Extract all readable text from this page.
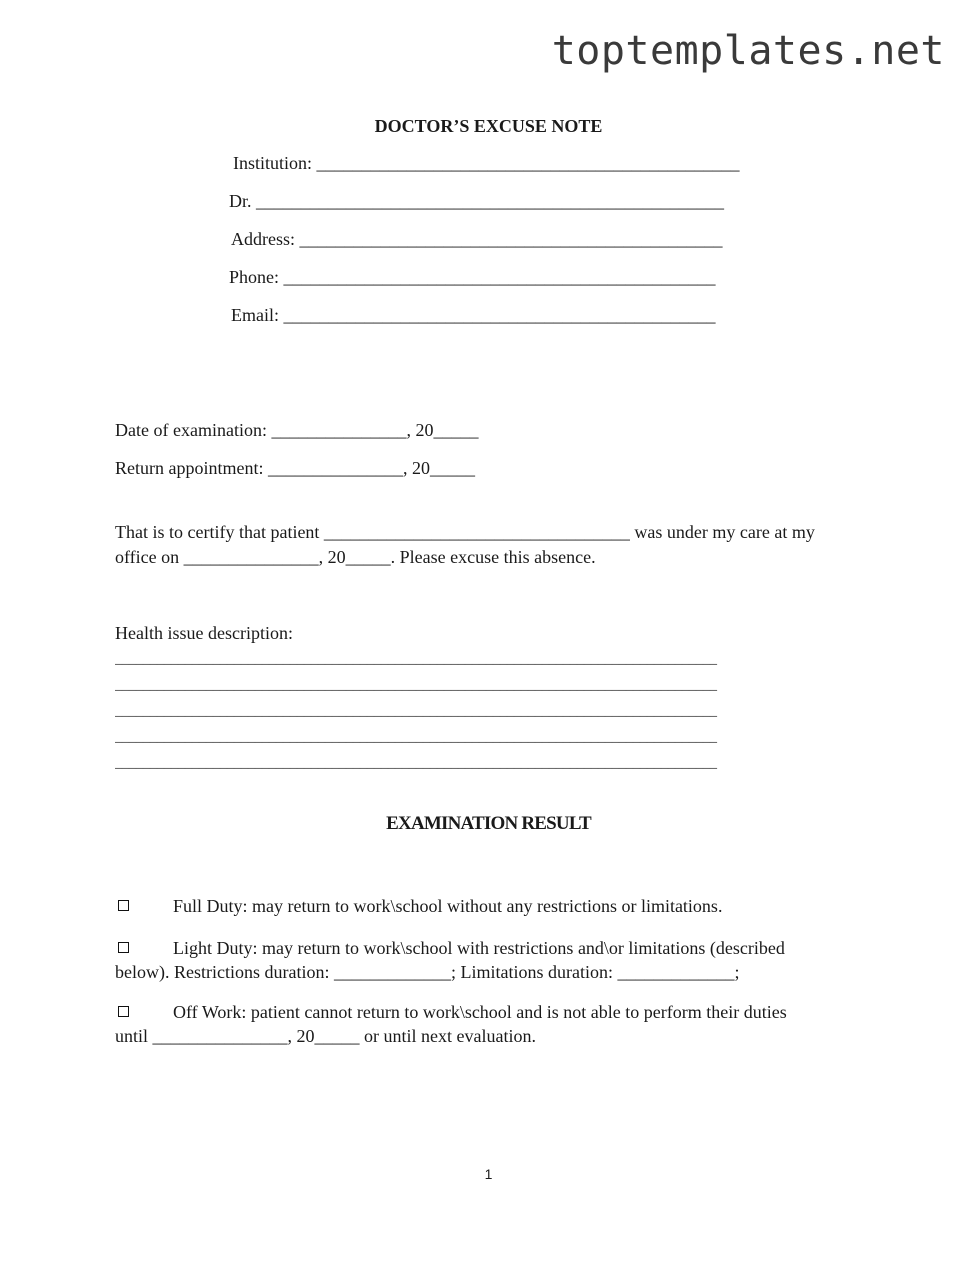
toptemplates.net
DOCTOR’S EXCUSE NOTE
Institution: _______________________________________________
Dr. ____________________________________________________
Address: _______________________________________________
Phone: ________________________________________________
Email: ________________________________________________
Date of examination: _______________, 20_____
Return appointment: _______________, 20_____
That is to certify that patient __________________________________ was under my care at my
office on _______________, 20_____. Please excuse this absence.
Health issue description:
______________________________________________________________________________________
______________________________________________________________________________________
______________________________________________________________________________________
______________________________________________________________________________________
______________________________________________________________________________________
EXAMINATION RESULT
Full Duty: may return to work\school without any restrictions or limitations.
Light Duty: may return to work\school with restrictions and\or limitations (described
below). Restrictions duration: _____________; Limitations duration: _____________;
Off Work: patient cannot return to work\school and is not able to perform their duties
until _______________, 20_____ or until next evaluation.
1
